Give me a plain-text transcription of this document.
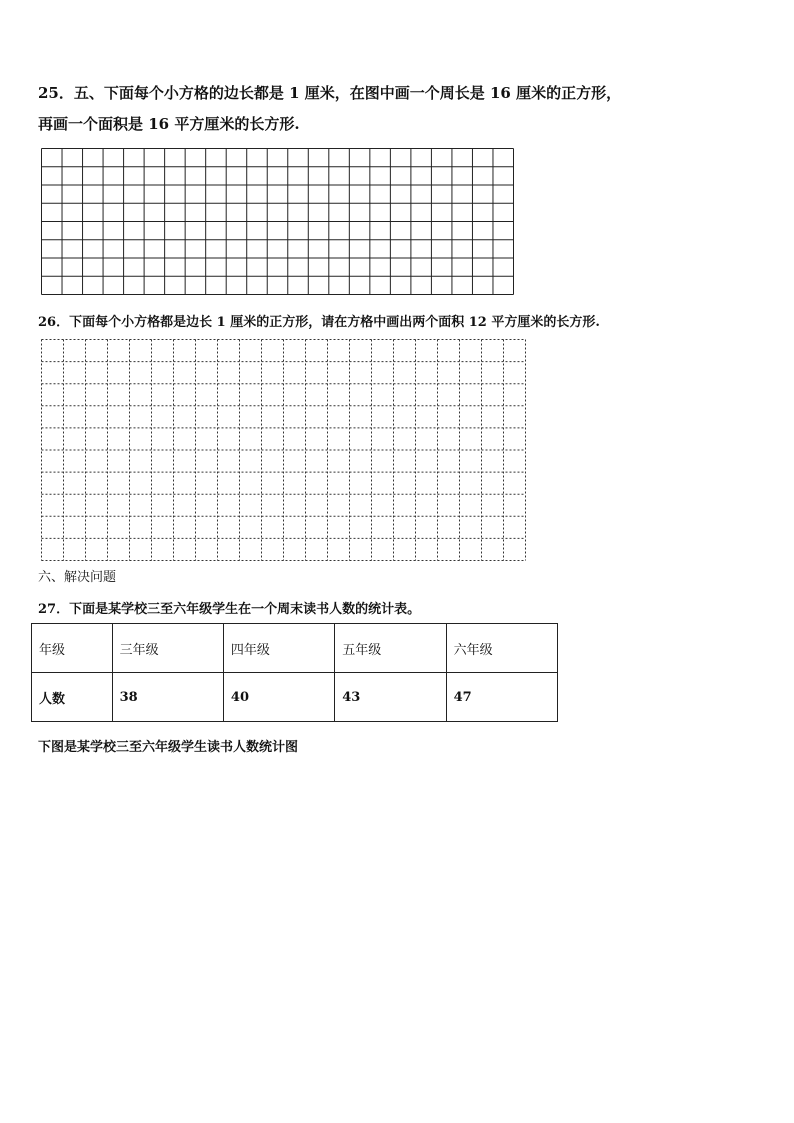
25．五、下面每个小方格的边长都是 1 厘米，在图中画一个周长是 16 厘米的正方形，
再画一个面积是 16 平方厘米的长方形.
26．下面每个小方格都是边长 1 厘米的正方形，请在方格中画出两个面积 12 平方厘米的长方形.
六、解决问题
27．下面是某学校三至六年级学生在一个周末读书人数的统计表。
年级	三年级	四年级	五年级	六年级
人数	38	40	43	47
下图是某学校三至六年级学生读书人数统计图
